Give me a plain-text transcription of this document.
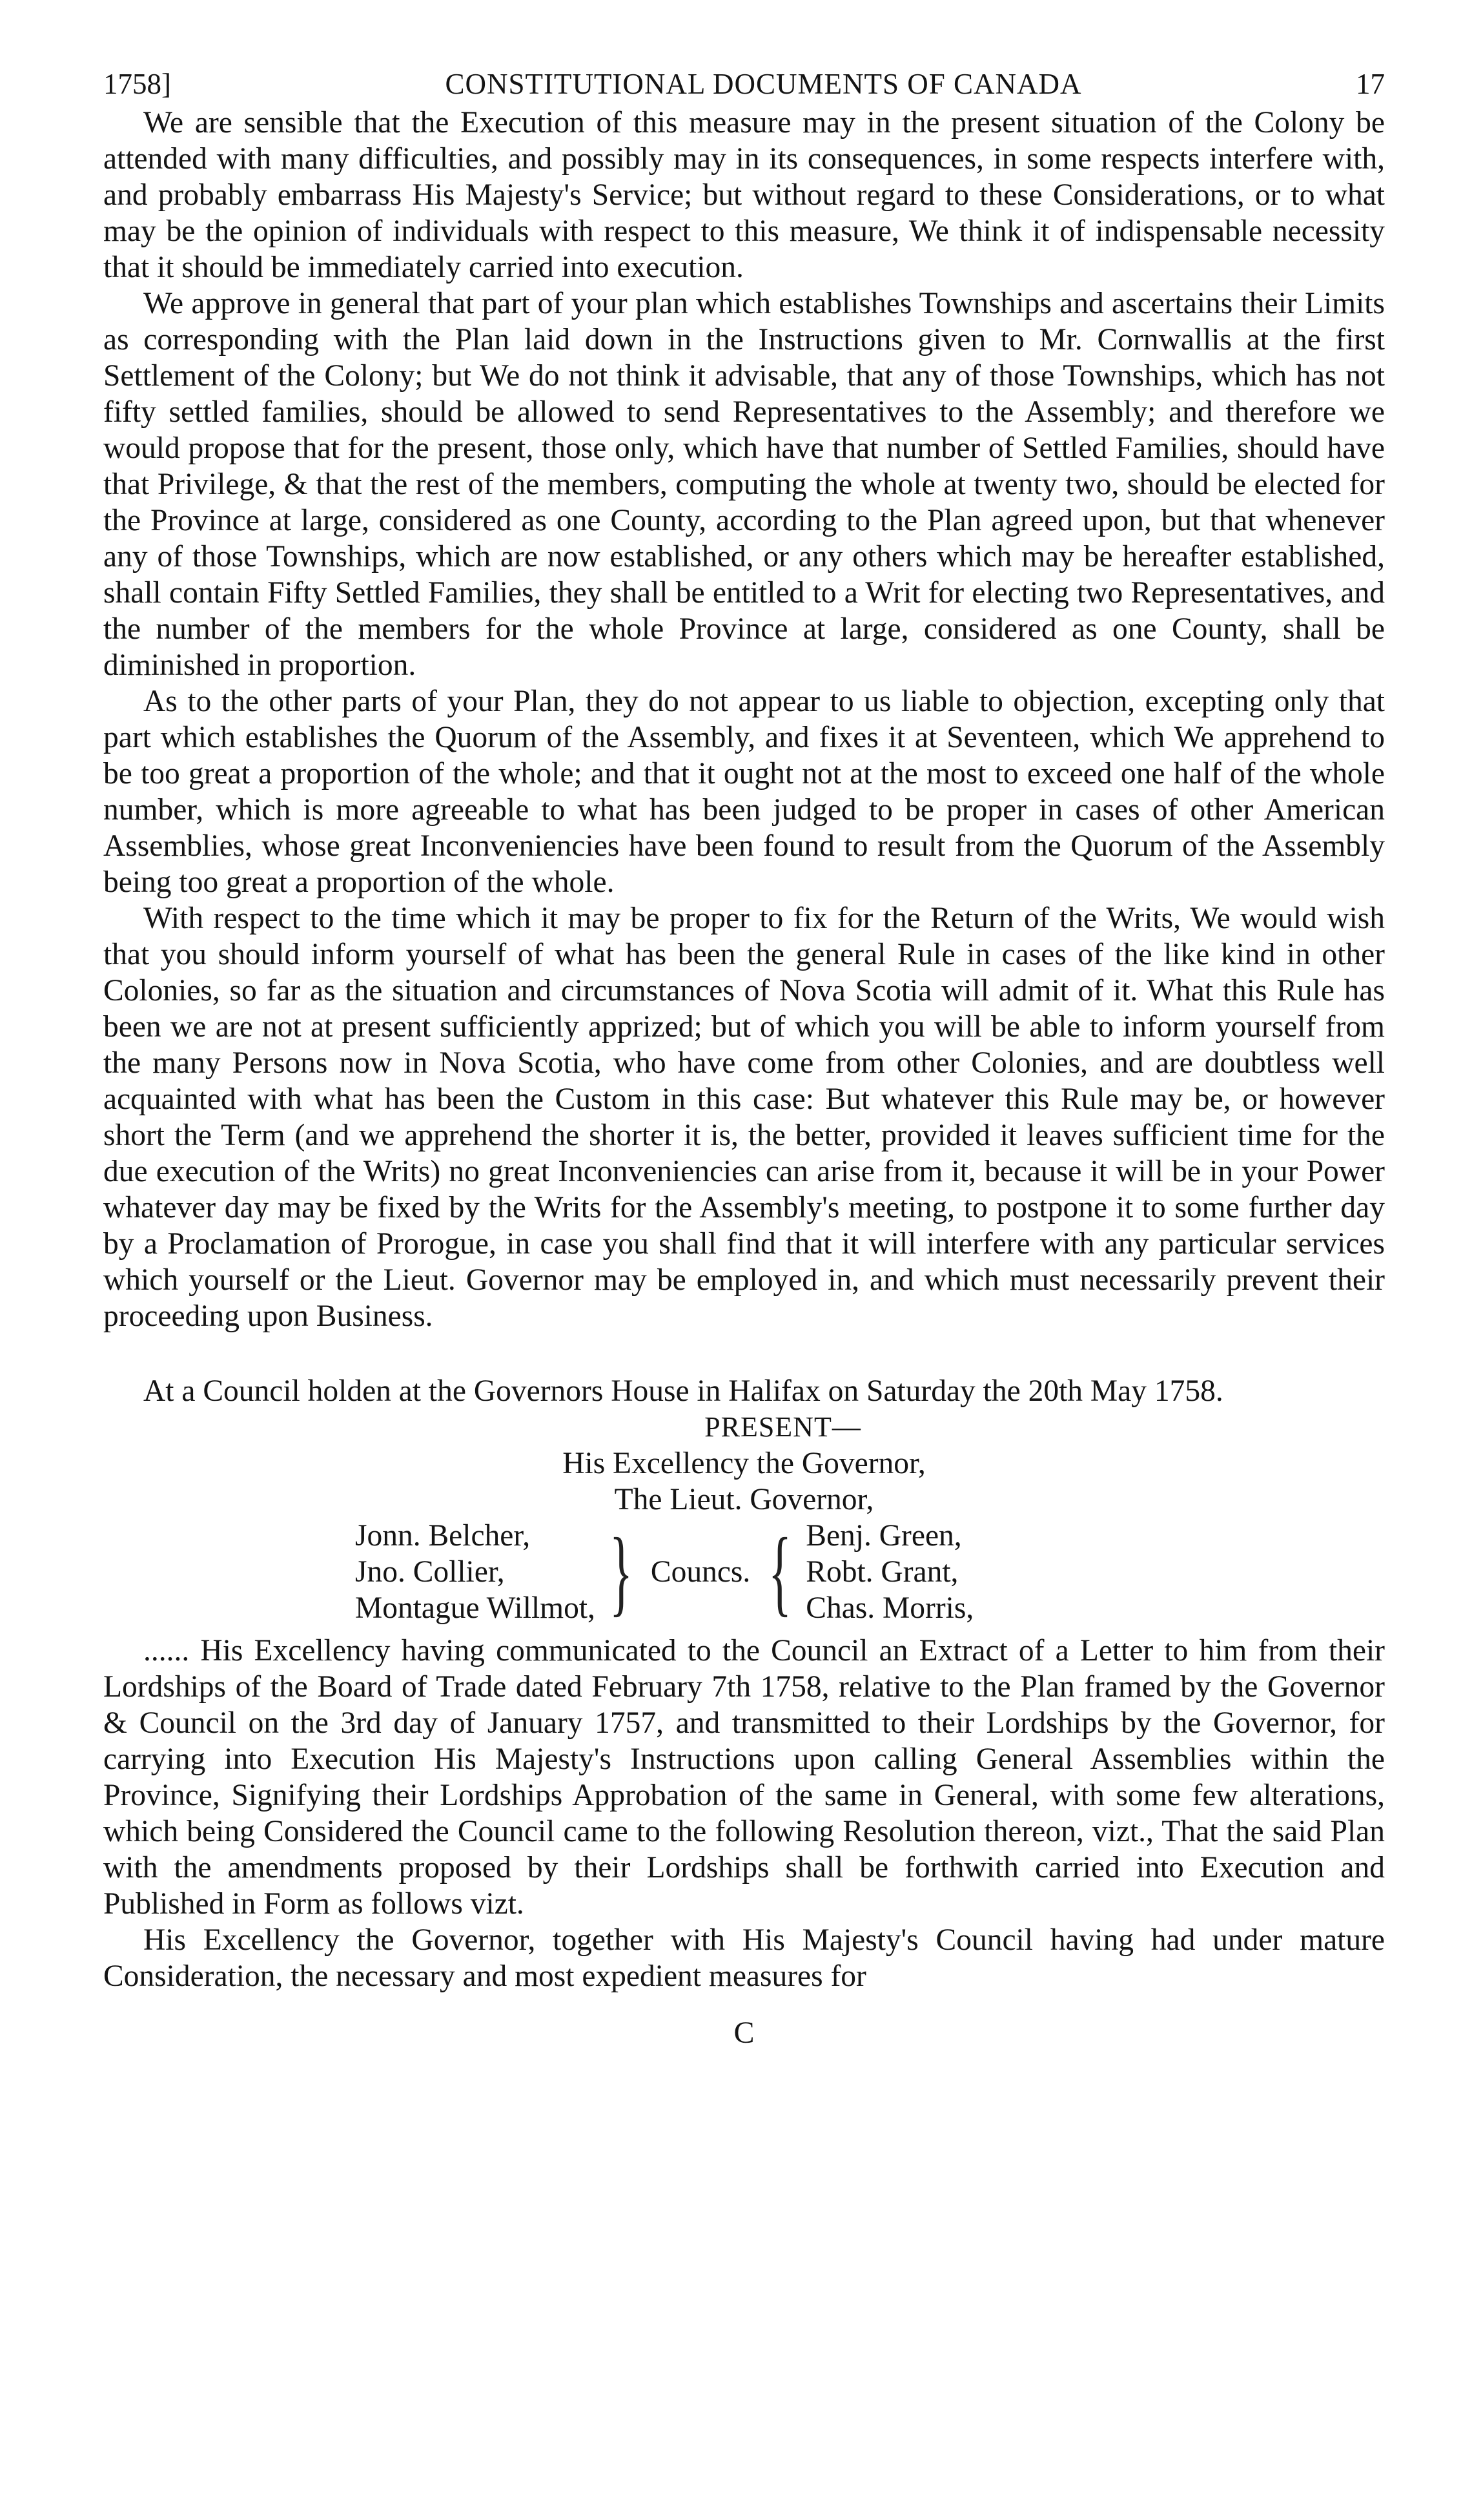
1758]	CONSTITUTIONAL DOCUMENTS OF CANADA	17

We are sensible that the Execution of this measure may in the present situation of the Colony be attended with many difficulties, and possibly may in its consequences, in some respects interfere with, and probably embarrass His Majesty's Service; but without regard to these Considerations, or to what may be the opinion of individuals with respect to this measure, We think it of indispensable necessity that it should be immediately carried into execution.

We approve in general that part of your plan which establishes Townships and ascertains their Limits as corresponding with the Plan laid down in the Instructions given to Mr. Cornwallis at the first Settlement of the Colony; but We do not think it advisable, that any of those Townships, which has not fifty settled families, should be allowed to send Representatives to the Assembly; and therefore we would propose that for the present, those only, which have that number of Settled Families, should have that Privilege, & that the rest of the members, computing the whole at twenty two, should be elected for the Province at large, considered as one County, according to the Plan agreed upon, but that whenever any of those Townships, which are now established, or any others which may be hereafter established, shall contain Fifty Settled Families, they shall be entitled to a Writ for electing two Representatives, and the number of the members for the whole Province at large, considered as one County, shall be diminished in proportion.

As to the other parts of your Plan, they do not appear to us liable to objection, excepting only that part which establishes the Quorum of the Assembly, and fixes it at Seventeen, which We apprehend to be too great a proportion of the whole; and that it ought not at the most to exceed one half of the whole number, which is more agreeable to what has been judged to be proper in cases of other American Assemblies, whose great Inconveniencies have been found to result from the Quorum of the Assembly being too great a proportion of the whole.

With respect to the time which it may be proper to fix for the Return of the Writs, We would wish that you should inform yourself of what has been the general Rule in cases of the like kind in other Colonies, so far as the situation and circumstances of Nova Scotia will admit of it. What this Rule has been we are not at present sufficiently apprized; but of which you will be able to inform yourself from the many Persons now in Nova Scotia, who have come from other Colonies, and are doubtless well acquainted with what has been the Custom in this case: But whatever this Rule may be, or however short the Term (and we apprehend the shorter it is, the better, provided it leaves sufficient time for the due execution of the Writs) no great Inconveniencies can arise from it, because it will be in your Power whatever day may be fixed by the Writs for the Assembly's meeting, to postpone it to some further day by a Proclamation of Prorogue, in case you shall find that it will interfere with any particular services which yourself or the Lieut. Governor may be employed in, and which must necessarily prevent their proceeding upon Business.

At a Council holden at the Governors House in Halifax on Saturday the 20th May 1758.

PRESENT—
His Excellency the Governor,
The Lieut. Governor,
Jonn. Belcher,
Jno. Collier,
Montague Willmot, } Councs. { Benj. Green,
Robt. Grant,
Chas. Morris,

...... His Excellency having communicated to the Council an Extract of a Letter to him from their Lordships of the Board of Trade dated February 7th 1758, relative to the Plan framed by the Governor & Council on the 3rd day of January 1757, and transmitted to their Lordships by the Governor, for carrying into Execution His Majesty's Instructions upon calling General Assemblies within the Province, Signifying their Lordships Approbation of the same in General, with some few alterations, which being Considered the Council came to the following Resolution thereon, vizt., That the said Plan with the amendments proposed by their Lordships shall be forthwith carried into Execution and Published in Form as follows vizt.

His Excellency the Governor, together with His Majesty's Council having had under mature Consideration, the necessary and most expedient measures for

C
